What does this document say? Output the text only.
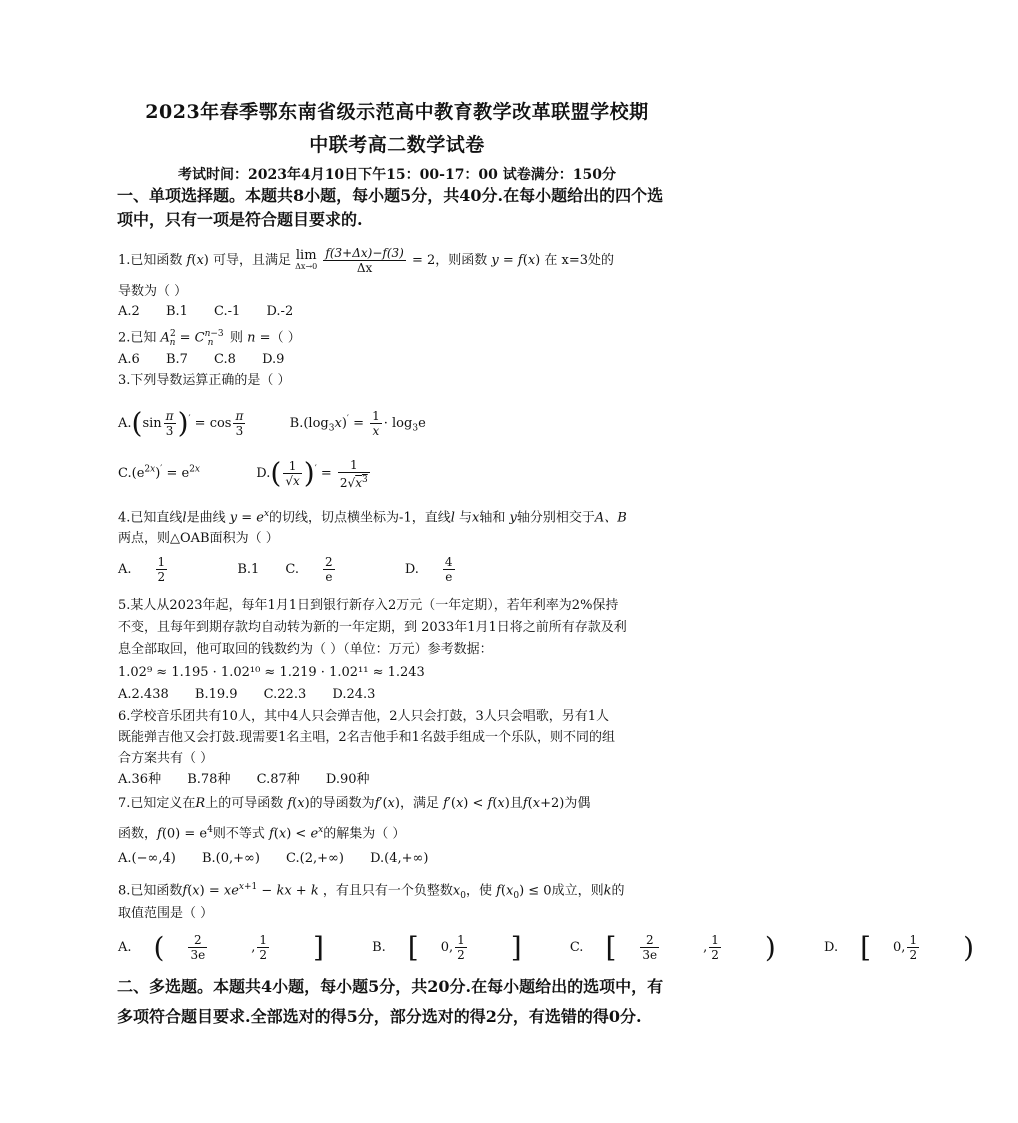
2023年春季鄂东南省级示范高中教育教学改革联盟学校期
中联考高二数学试卷
考试时间：2023年4月10日下午15：00-17：00 试卷满分：150分
一、单项选择题。本题共8小题，每小题5分，共40分.在每小题给出的四个选
项中，只有一项是符合题目要求的.
1.已知函数 f(x) 可导，且满足 lim
Δx→0
$\frac{f(3+\Delta x)-f(3)}{\Delta x} = 2$，则函数 y = f(x) 在 x=3处的
导数为（ ）
A.2 B.1 C.-1 D.-2
2.已知 $A^2_n = C^{n-3}_n$ 则 n =（ ）
A.6 B.7 C.8 D.9
3.下列导数运算正确的是（ ）
$A.(\sin \frac{\pi}{3} )' = \cos \frac{\pi}{3}$	$B.(\log_3x)' = \frac{1}{x} \cdot \log_3e$
$C.(e^{2x})' = e^{2x}$	$D.( \frac{1}{√x} )' = \frac{1}{2√x^3}$
4.已知直线l是曲线 $y = e^x$的切线，切点横坐标为-1，直线l 与x轴和 y轴分别相交于A、B
两点，则△OAB面积为（ ）
A. $\frac{1}{2}$	B.1 C. $\frac{2}{e}$	D. $\frac{4}{e}$
5.某人从2023年起，每年1月1日到银行新存入2万元（一年定期），若年利率为2%保持
不变，且每年到期存款均自动转为新的一年定期，到 2033年1月1日将之前所有存款及利
息全部取回，他可取回的钱数约为（ ）（单位：万元）参考数据：
1.02⁹ ≈ 1.195 · 1.02¹⁰ ≈ 1.219 · 1.02¹¹ ≈ 1.243
A.2.438 B.19.9 C.22.3 D.24.3
6.学校音乐团共有10人，其中4人只会弹吉他，2人只会打鼓，3人只会唱歌，另有1人
既能弹吉他又会打鼓.现需要1名主唱，2名吉他手和1名鼓手组成一个乐队，则不同的组
合方案共有（ ）
A.36种 B.78种 C.87种 D.90种
7.已知定义在R上的可导函数 f(x)的导函数为f′(x)，满足 f′(x) < f(x)且f(x+2)为偶
函数，$f(0) = e^4$则不等式 $f(x) < e^x$的解集为（ ）
A.(−∞,4) B.(0,+∞) C.(2,+∞) D.(4,+∞)
8.已知函数$f(x) = xe^{x+1}$ − kx + k ，有且只有一个负整数$x_0$，使 $f(x_0) \le 0$成立，则k的
取值范围是（ ）
A. ( $\frac{2}{3e}$ , $\frac{1}{2}$ ]	B. [ 0, $\frac{1}{2}$ ]	C. [ $\frac{2}{3e}$ , $\frac{1}{2}$ )	D. [ 0, $\frac{1}{2}$ )
二、多选题。本题共4小题，每小题5分，共20分.在每小题给出的选项中，有
多项符合题目要求.全部选对的得5分，部分选对的得2分，有选错的得0分.
